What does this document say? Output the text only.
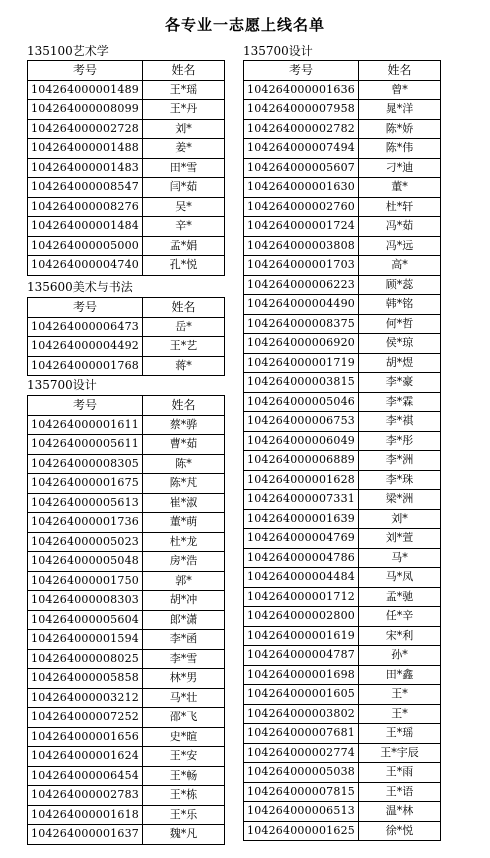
各专业一志愿上线名单
135100艺术学
考号	姓名
104264000001489	王*瑶
104264000008099	王*丹
104264000002728	刘*
104264000001488	姜*
104264000001483	田*雪
104264000008547	闫*茹
104264000008276	吴*
104264000001484	辛*
104264000005000	孟*娟
104264000004740	孔*悦
135600美术与书法
考号	姓名
104264000006473	岳*
104264000004492	王*艺
104264000001768	蒋*
135700设计
考号	姓名
104264000001611	蔡*骅
104264000005611	曹*茹
104264000008305	陈*
104264000001675	陈*芃
104264000005613	崔*淑
104264000001736	董*萌
104264000005023	杜*龙
104264000005048	房*浩
104264000001750	郭*
104264000008303	胡*冲
104264000005604	郎*潇
104264000001594	李*函
104264000008025	李*雪
104264000005858	林*男
104264000003212	马*壮
104264000007252	邵*飞
104264000001656	史*暄
104264000001624	王*安
104264000006454	王*畅
104264000002783	王*栋
104264000001618	王*乐
104264000001637	魏*凡
135700设计
考号	姓名
104264000001636	曾*
104264000007958	晁*洋
104264000002782	陈*娇
104264000007494	陈*伟
104264000005607	刁*迪
104264000001630	董*
104264000002760	杜*轩
104264000001724	冯*茹
104264000003808	冯*远
104264000001703	高*
104264000006223	顾*蕊
104264000004490	韩*铭
104264000008375	何*哲
104264000006920	侯*琼
104264000001719	胡*煜
104264000003815	李*豪
104264000005046	李*霖
104264000006753	李*祺
104264000006049	李*彤
104264000006889	李*洲
104264000001628	李*珠
104264000007331	梁*洲
104264000001639	刘*
104264000004769	刘*萱
104264000004786	马*
104264000004484	马*凤
104264000001712	孟*驰
104264000002800	任*辛
104264000001619	宋*利
104264000004787	孙*
104264000001698	田*鑫
104264000001605	王*
104264000003802	王*
104264000007681	王*瑶
104264000002774	王*宇辰
104264000005038	王*雨
104264000007815	王*语
104264000006513	温*林
104264000001625	徐*悦
